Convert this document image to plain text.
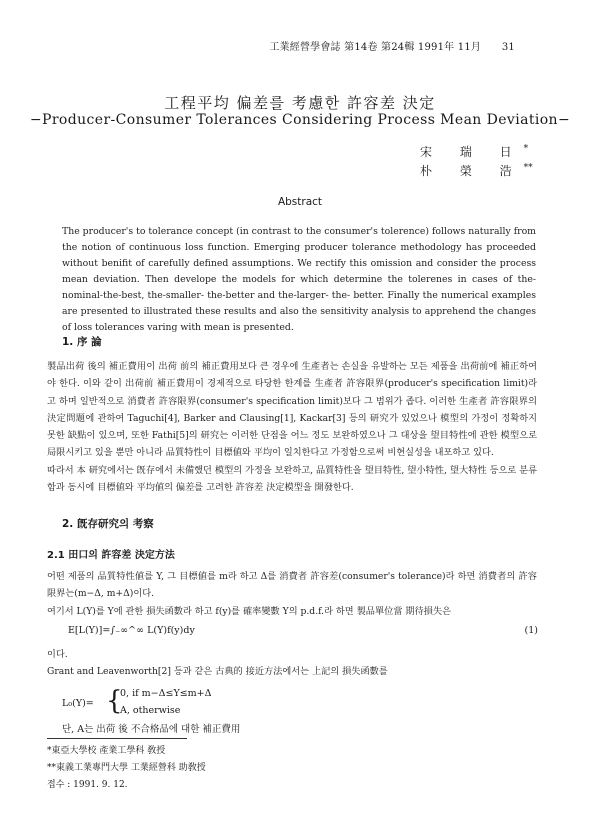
工業經營學會誌 第14卷 第24輯 1991年 11月 31
工程平均 偏差를 考慮한 許容差 決定
−Producer-Consumer Tolerances Considering Process Mean Deviation−
宋 瑞 日*
朴 榮 浩**
Abstract

The producer's to tolerance concept (in contrast to the consumer's tolerence) follows naturally from the notion of continuous loss function. Emerging producer tolerance methodology has proceeded without benifit of carefully defined assumptions. We rectify this omission and consider the process mean deviation. Then develope the models for which determine the tolerenes in cases of the-nominal-the-best, the-smaller- the-better and the-larger- the- better. Finally the numerical examples are presented to illustrated these results and also the sensitivity analysis to apprehend the changes of loss tolerances varing with mean is presented.

1. 序 論

製品出荷 後의 補正費用이 出荷 前의 補正費用보다 큰 경우에 生產者는 손실을 유발하는 모든 제품을 出荷前에 補正하여야 한다. 이와 같이 出荷前 補正費用이 경제적으로 타당한 한계를 生產者 許容限界(producer's specification limit)라고 하며 일반적으로 消費者 許容限界(consumer's specification limit)보다 그 범위가 좁다. 이러한 生產者 許容限界의 決定問題에 관하여 Taguchi[4], Barker and Clausing[1], Kackar[3] 등의 研究가 있었으나 模型의 가정이 정확하지 못한 缺點이 있으며, 또한 Fathi[5]의 研究는 이러한 단점을 어느 정도 보완하였으나 그 대상을 望目特性에 관한 模型으로 局限시키고 있을 뿐만 아니라 品質特性이 目標値와 平均이 일치한다고 가정함으로써 비현실성을 내포하고 있다.

따라서 本 研究에서는 旣存에서 未備했던 模型의 가정을 보완하고, 品質特性을 望目特性, 望小特性, 望大特性 등으로 분류함과 동시에 目標値와 平均値의 偏差를 고려한 許容差 決定模型을 開發한다.

2. 旣存研究의 考察
2.1 田口의 許容差 決定方法

어떤 제품의 品質特性値를 Y, 그 目標値를 m라 하고 Δ를 消費者 許容差(consumer's tolerance)라 하면 消費者의 許容限界는(m−Δ, m+Δ)이다.

여기서 L(Y)를 Y에 관한 損失函數라 하고 f(y)를 確率變數 Y의 p.d.f.라 하면 製品單位當 期待損失은

E[L(Y)]=∫₋∞^∞ L(Y)f(y)dy	(1)

이다.

Grant and Leavenworth[2] 등과 같은 古典的 接近方法에서는 上記의 損失函數를

L₀(Y)= {
0, if m−Δ≤Y≤m+Δ
A, otherwise
단, A는 出荷 後 不合格品에 대한 補正費用
*東亞大學校 產業工學科 敎授
**東義工業專門大學 工業經營科 助敎授
접수 : 1991. 9. 12.
